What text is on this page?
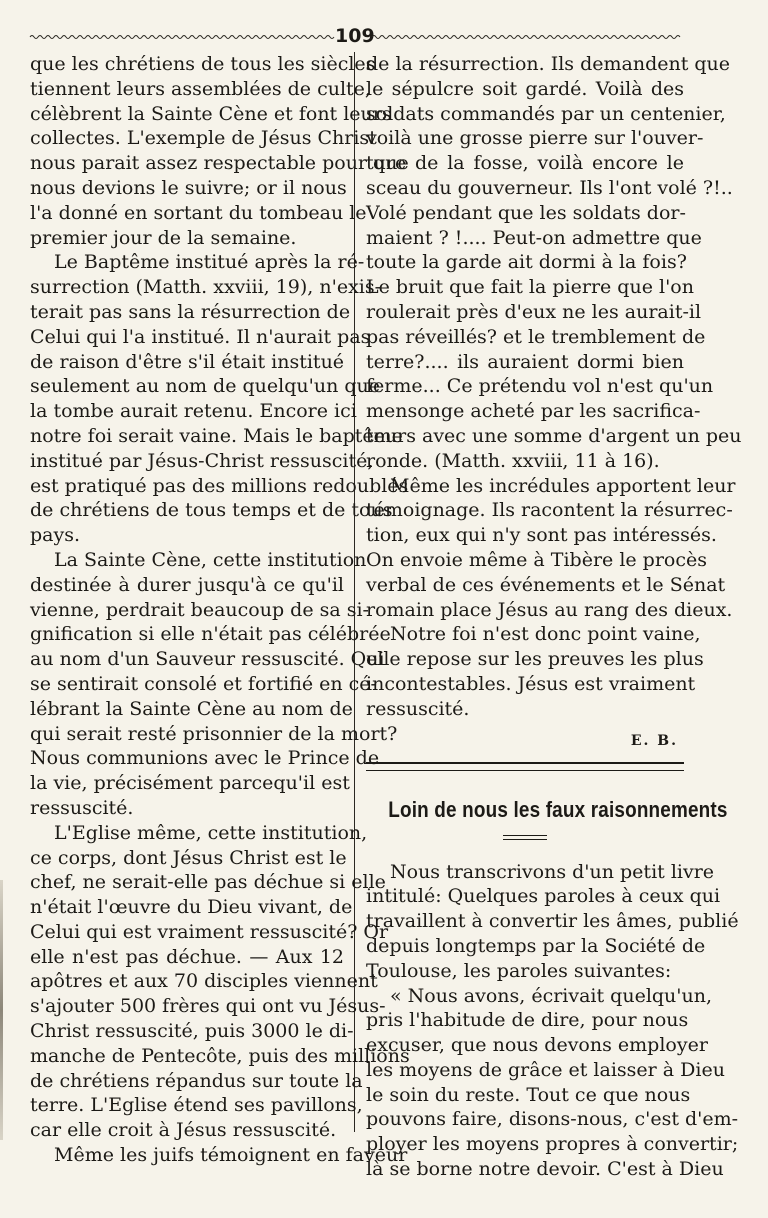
109
que les chrétiens de tous les siècles
tiennent leurs assemblées de culte,
célèbrent la Sainte Cène et font leurs
collectes. L'exemple de Jésus Christ
nous parait assez respectable pour que
nous devions le suivre; or il nous
l'a donné en sortant du tombeau le
premier jour de la semaine.
Le Baptême institué après la ré-
surrection (Matth. xxviii, 19), n'exis-
terait pas sans la résurrection de
Celui qui l'a institué. Il n'aurait pas
de raison d'être s'il était institué
seulement au nom de quelqu'un que
la tombe aurait retenu. Encore ici
notre foi serait vaine. Mais le baptême
institué par Jésus-Christ ressuscité,
est pratiqué pas des millions redoublés
de chrétiens de tous temps et de tous
pays.
La Sainte Cène, cette institution
destinée à durer jusqu'à ce qu'il
vienne, perdrait beaucoup de sa si-
gnification si elle n'était pas célébrée
au nom d'un Sauveur ressuscité. Qui
se sentirait consolé et fortifié en cé-
lébrant la Sainte Cène au nom de
qui serait resté prisonnier de la mort?
Nous communions avec le Prince de
la vie, précisément parcequ'il est
ressuscité.
L'Eglise même, cette institution,
ce corps, dont Jésus Christ est le
chef, ne serait-elle pas déchue si elle
n'était l'œuvre du Dieu vivant, de
Celui qui est vraiment ressuscité? Or
elle n'est pas déchue. — Aux 12
apôtres et aux 70 disciples viennent
s'ajouter 500 frères qui ont vu Jésus-
Christ ressuscité, puis 3000 le di-
manche de Pentecôte, puis des millions
de chrétiens répandus sur toute la
terre. L'Eglise étend ses pavillons,
car elle croit à Jésus ressuscité.
Même les juifs témoignent en faveur
de la résurrection. Ils demandent que
le sépulcre soit gardé. Voilà des
soldats commandés par un centenier,
voilà une grosse pierre sur l'ouver-
ture de la fosse, voilà encore le
sceau du gouverneur. Ils l'ont volé ?!..
Volé pendant que les soldats dor-
maient ? !.... Peut-on admettre que
toute la garde ait dormi à la fois?
Le bruit que fait la pierre que l'on
roulerait près d'eux ne les aurait-il
pas réveillés? et le tremblement de
terre?.... ils auraient dormi bien
ferme... Ce prétendu vol n'est qu'un
mensonge acheté par les sacrifica-
teurs avec une somme d'argent un peu
ronde. (Matth. xxviii, 11 à 16).
Même les incrédules apportent leur
témoignage. Ils racontent la résurrec-
tion, eux qui n'y sont pas intéressés.
On envoie même à Tibère le procès
verbal de ces événements et le Sénat
romain place Jésus au rang des dieux.
Notre foi n'est donc point vaine,
elle repose sur les preuves les plus
incontestables. Jésus est vraiment
ressuscité.
E. B.
Loin de nous les faux raisonnements
Nous transcrivons d'un petit livre
intitulé: Quelques paroles à ceux qui
travaillent à convertir les âmes, publié
depuis longtemps par la Société de
Toulouse, les paroles suivantes:
« Nous avons, écrivait quelqu'un,
pris l'habitude de dire, pour nous
excuser, que nous devons employer
les moyens de grâce et laisser à Dieu
le soin du reste. Tout ce que nous
pouvons faire, disons-nous, c'est d'em-
ployer les moyens propres à convertir;
là se borne notre devoir. C'est à Dieu
